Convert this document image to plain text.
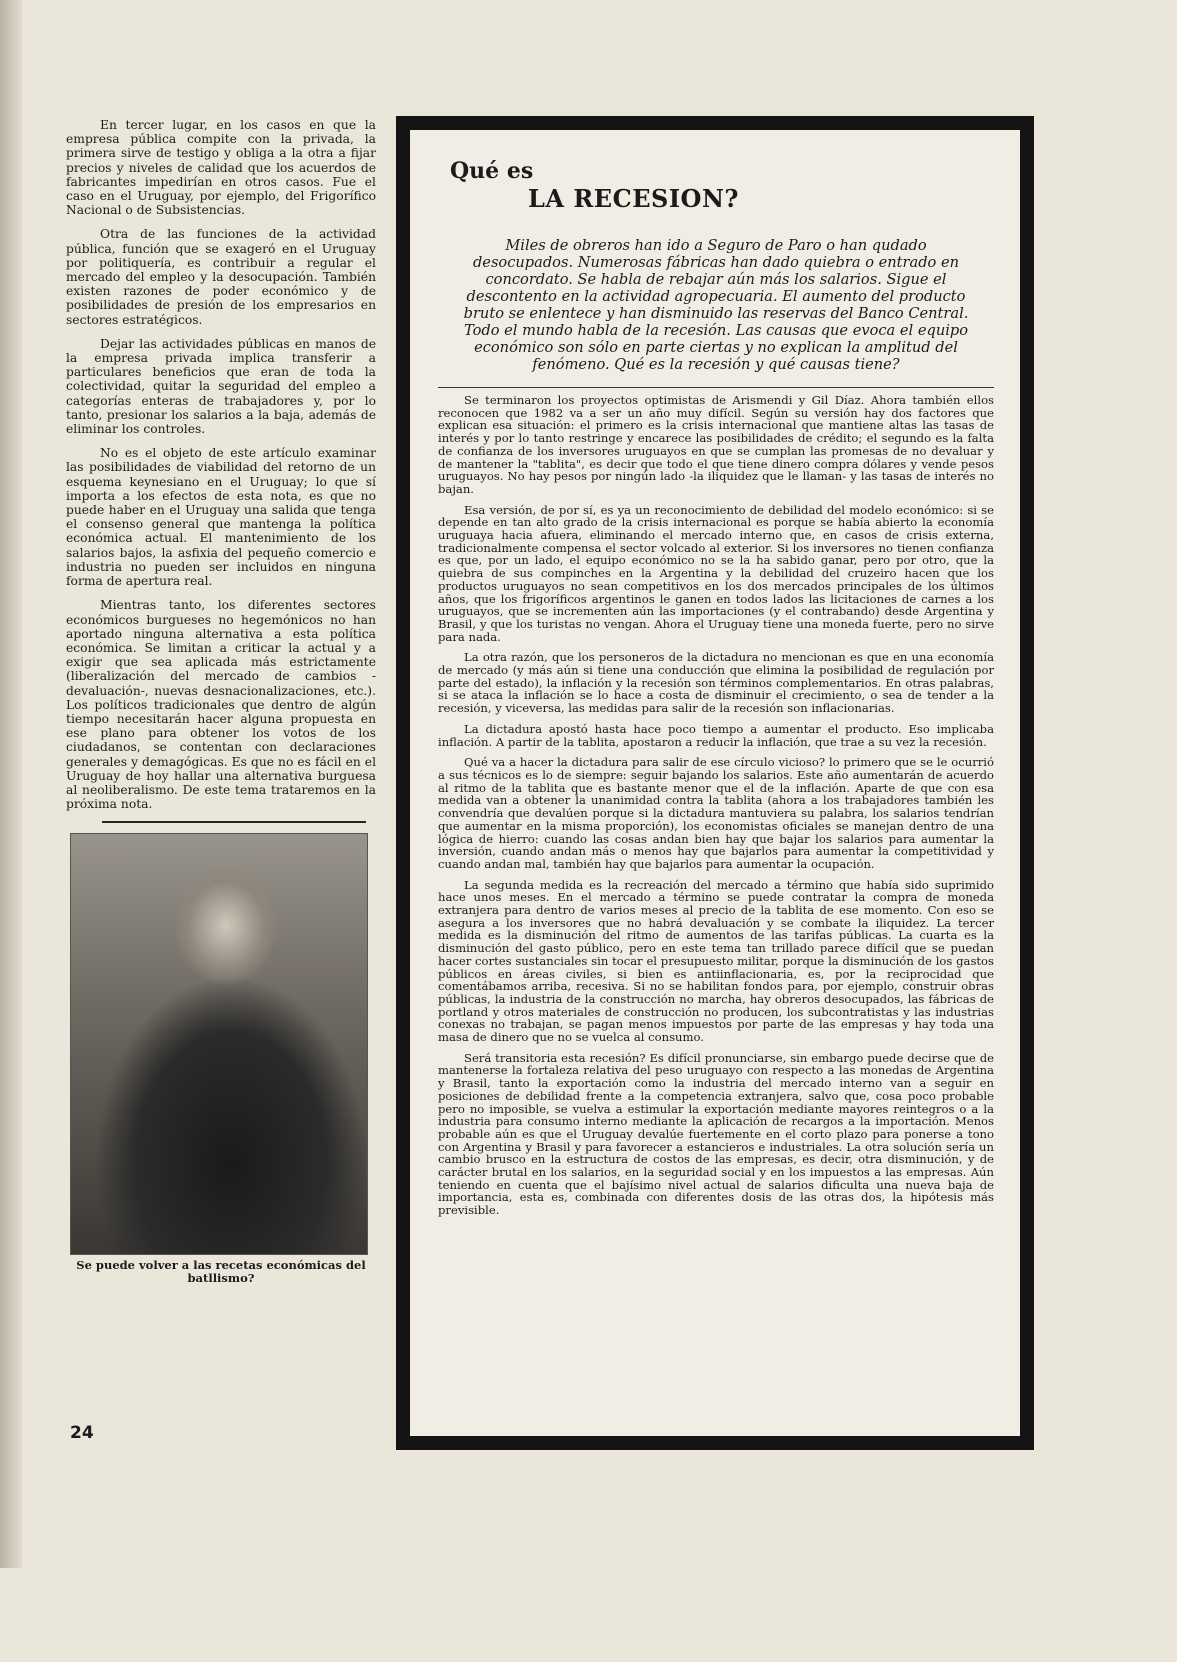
En tercer lugar, en los casos en que la empresa pública compite con la privada, la primera sirve de testigo y obliga a la otra a fijar precios y niveles de calidad que los acuerdos de fabricantes impedirían en otros casos. Fue el caso en el Uruguay, por ejemplo, del Frigorífico Nacional o de Subsistencias.

Otra de las funciones de la actividad pública, función que se exageró en el Uruguay por politiquería, es contribuir a regular el mercado del empleo y la desocupación. También existen razones de poder económico y de posibilidades de presión de los empresarios en sectores estratégicos.

Dejar las actividades públicas en manos de la empresa privada implica transferir a particulares beneficios que eran de toda la colectividad, quitar la seguridad del empleo a categorías enteras de trabajadores y, por lo tanto, presionar los salarios a la baja, además de eliminar los controles.

No es el objeto de este artículo examinar las posibilidades de viabilidad del retorno de un esquema keynesiano en el Uruguay; lo que sí importa a los efectos de esta nota, es que no puede haber en el Uruguay una salida que tenga el consenso general que mantenga la política económica actual. El mantenimiento de los salarios bajos, la asfixia del pequeño comercio e industria no pueden ser incluidos en ninguna forma de apertura real.

Mientras tanto, los diferentes sectores económicos burgueses no hegemónicos no han aportado ninguna alternativa a esta política económica. Se limitan a criticar la actual y a exigir que sea aplicada más estrictamente (liberalización del mercado de cambios -devaluación-, nuevas desnacionalizaciones, etc.). Los políticos tradicionales que dentro de algún tiempo necesitarán hacer alguna propuesta en ese plano para obtener los votos de los ciudadanos, se contentan con declaraciones generales y demagógicas. Es que no es fácil en el Uruguay de hoy hallar una alternativa burguesa al neoliberalismo. De este tema trataremos en la próxima nota.

Se puede volver a las recetas económicas del batllismo?
24
Qué es
LA RECESION?
Miles de obreros han ido a Seguro de Paro o han qudado desocupados. Numerosas fábricas han dado quiebra o entrado en concordato. Se habla de rebajar aún más los salarios. Sigue el descontento en la actividad agropecuaria. El aumento del producto bruto se enlentece y han disminuido las reservas del Banco Central. Todo el mundo habla de la recesión. Las causas que evoca el equipo económico son sólo en parte ciertas y no explican la amplitud del fenómeno. Qué es la recesión y qué causas tiene?

Se terminaron los proyectos optimistas de Arismendi y Gil Díaz. Ahora también ellos reconocen que 1982 va a ser un año muy difícil. Según su versión hay dos factores que explican esa situación: el primero es la crisis internacional que mantiene altas las tasas de interés y por lo tanto restringe y encarece las posibilidades de crédito; el segundo es la falta de confianza de los inversores uruguayos en que se cumplan las promesas de no devaluar y de mantener la "tablita", es decir que todo el que tiene dinero compra dólares y vende pesos uruguayos. No hay pesos por ningún lado -la iliquidez que le llaman- y las tasas de interés no bajan.

Esa versión, de por sí, es ya un reconocimiento de debilidad del modelo económico: si se depende en tan alto grado de la crisis internacional es porque se había abierto la economía uruguaya hacia afuera, eliminando el mercado interno que, en casos de crisis externa, tradicionalmente compensa el sector volcado al exterior. Si los inversores no tienen confianza es que, por un lado, el equipo económico no se la ha sabido ganar, pero por otro, que la quiebra de sus compinches en la Argentina y la debilidad del cruzeiro hacen que los productos uruguayos no sean competitivos en los dos mercados principales de los últimos años, que los frigoríficos argentinos le ganen en todos lados las licitaciones de carnes a los uruguayos, que se incrementen aún las importaciones (y el contrabando) desde Argentina y Brasil, y que los turistas no vengan. Ahora el Uruguay tiene una moneda fuerte, pero no sirve para nada.

La otra razón, que los personeros de la dictadura no mencionan es que en una economía de mercado (y más aún si tiene una conducción que elimina la posibilidad de regulación por parte del estado), la inflación y la recesión son términos complementarios. En otras palabras, si se ataca la inflación se lo hace a costa de disminuir el crecimiento, o sea de tender a la recesión, y viceversa, las medidas para salir de la recesión son inflacionarias.

La dictadura apostó hasta hace poco tiempo a aumentar el producto. Eso implicaba inflación. A partir de la tablita, apostaron a reducir la inflación, que trae a su vez la recesión.

Qué va a hacer la dictadura para salir de ese círculo vicioso? lo primero que se le ocurrió a sus técnicos es lo de siempre: seguir bajando los salarios. Este año aumentarán de acuerdo al ritmo de la tablita que es bastante menor que el de la inflación. Aparte de que con esa medida van a obtener la unanimidad contra la tablita (ahora a los trabajadores también les convendría que devalúen porque si la dictadura mantuviera su palabra, los salarios tendrían que aumentar en la misma proporción), los economistas oficiales se manejan dentro de una lógica de hierro: cuando las cosas andan bien hay que bajar los salarios para aumentar la inversión, cuando andan más o menos hay que bajarlos para aumentar la competitividad y cuando andan mal, también hay que bajarlos para aumentar la ocupación.

La segunda medida es la recreación del mercado a término que había sido suprimido hace unos meses. En el mercado a término se puede contratar la compra de moneda extranjera para dentro de varios meses al precio de la tablita de ese momento. Con eso se asegura a los inversores que no habrá devaluación y se combate la iliquidez. La tercer medida es la disminución del ritmo de aumentos de las tarifas públicas. La cuarta es la disminución del gasto público, pero en este tema tan trillado parece difícil que se puedan hacer cortes sustanciales sin tocar el presupuesto militar, porque la disminución de los gastos públicos en áreas civiles, si bien es antiinflacionaria, es, por la reciprocidad que comentábamos arriba, recesiva. Si no se habilitan fondos para, por ejemplo, construir obras públicas, la industria de la construcción no marcha, hay obreros desocupados, las fábricas de portland y otros materiales de construcción no producen, los subcontratistas y las industrias conexas no trabajan, se pagan menos impuestos por parte de las empresas y hay toda una masa de dinero que no se vuelca al consumo.

Será transitoria esta recesión? Es difícil pronunciarse, sin embargo puede decirse que de mantenerse la fortaleza relativa del peso uruguayo con respecto a las monedas de Argentina y Brasil, tanto la exportación como la industria del mercado interno van a seguir en posiciones de debilidad frente a la competencia extranjera, salvo que, cosa poco probable pero no imposible, se vuelva a estimular la exportación mediante mayores reintegros o a la industria para consumo interno mediante la aplicación de recargos a la importación. Menos probable aún es que el Uruguay devalúe fuertemente en el corto plazo para ponerse a tono con Argentina y Brasil y para favorecer a estancieros e industriales. La otra solución sería un cambio brusco en la estructura de costos de las empresas, es decir, otra disminución, y de carácter brutal en los salarios, en la seguridad social y en los impuestos a las empresas. Aún teniendo en cuenta que el bajísimo nivel actual de salarios dificulta una nueva baja de importancia, esta es, combinada con diferentes dosis de las otras dos, la hipótesis más previsible.
